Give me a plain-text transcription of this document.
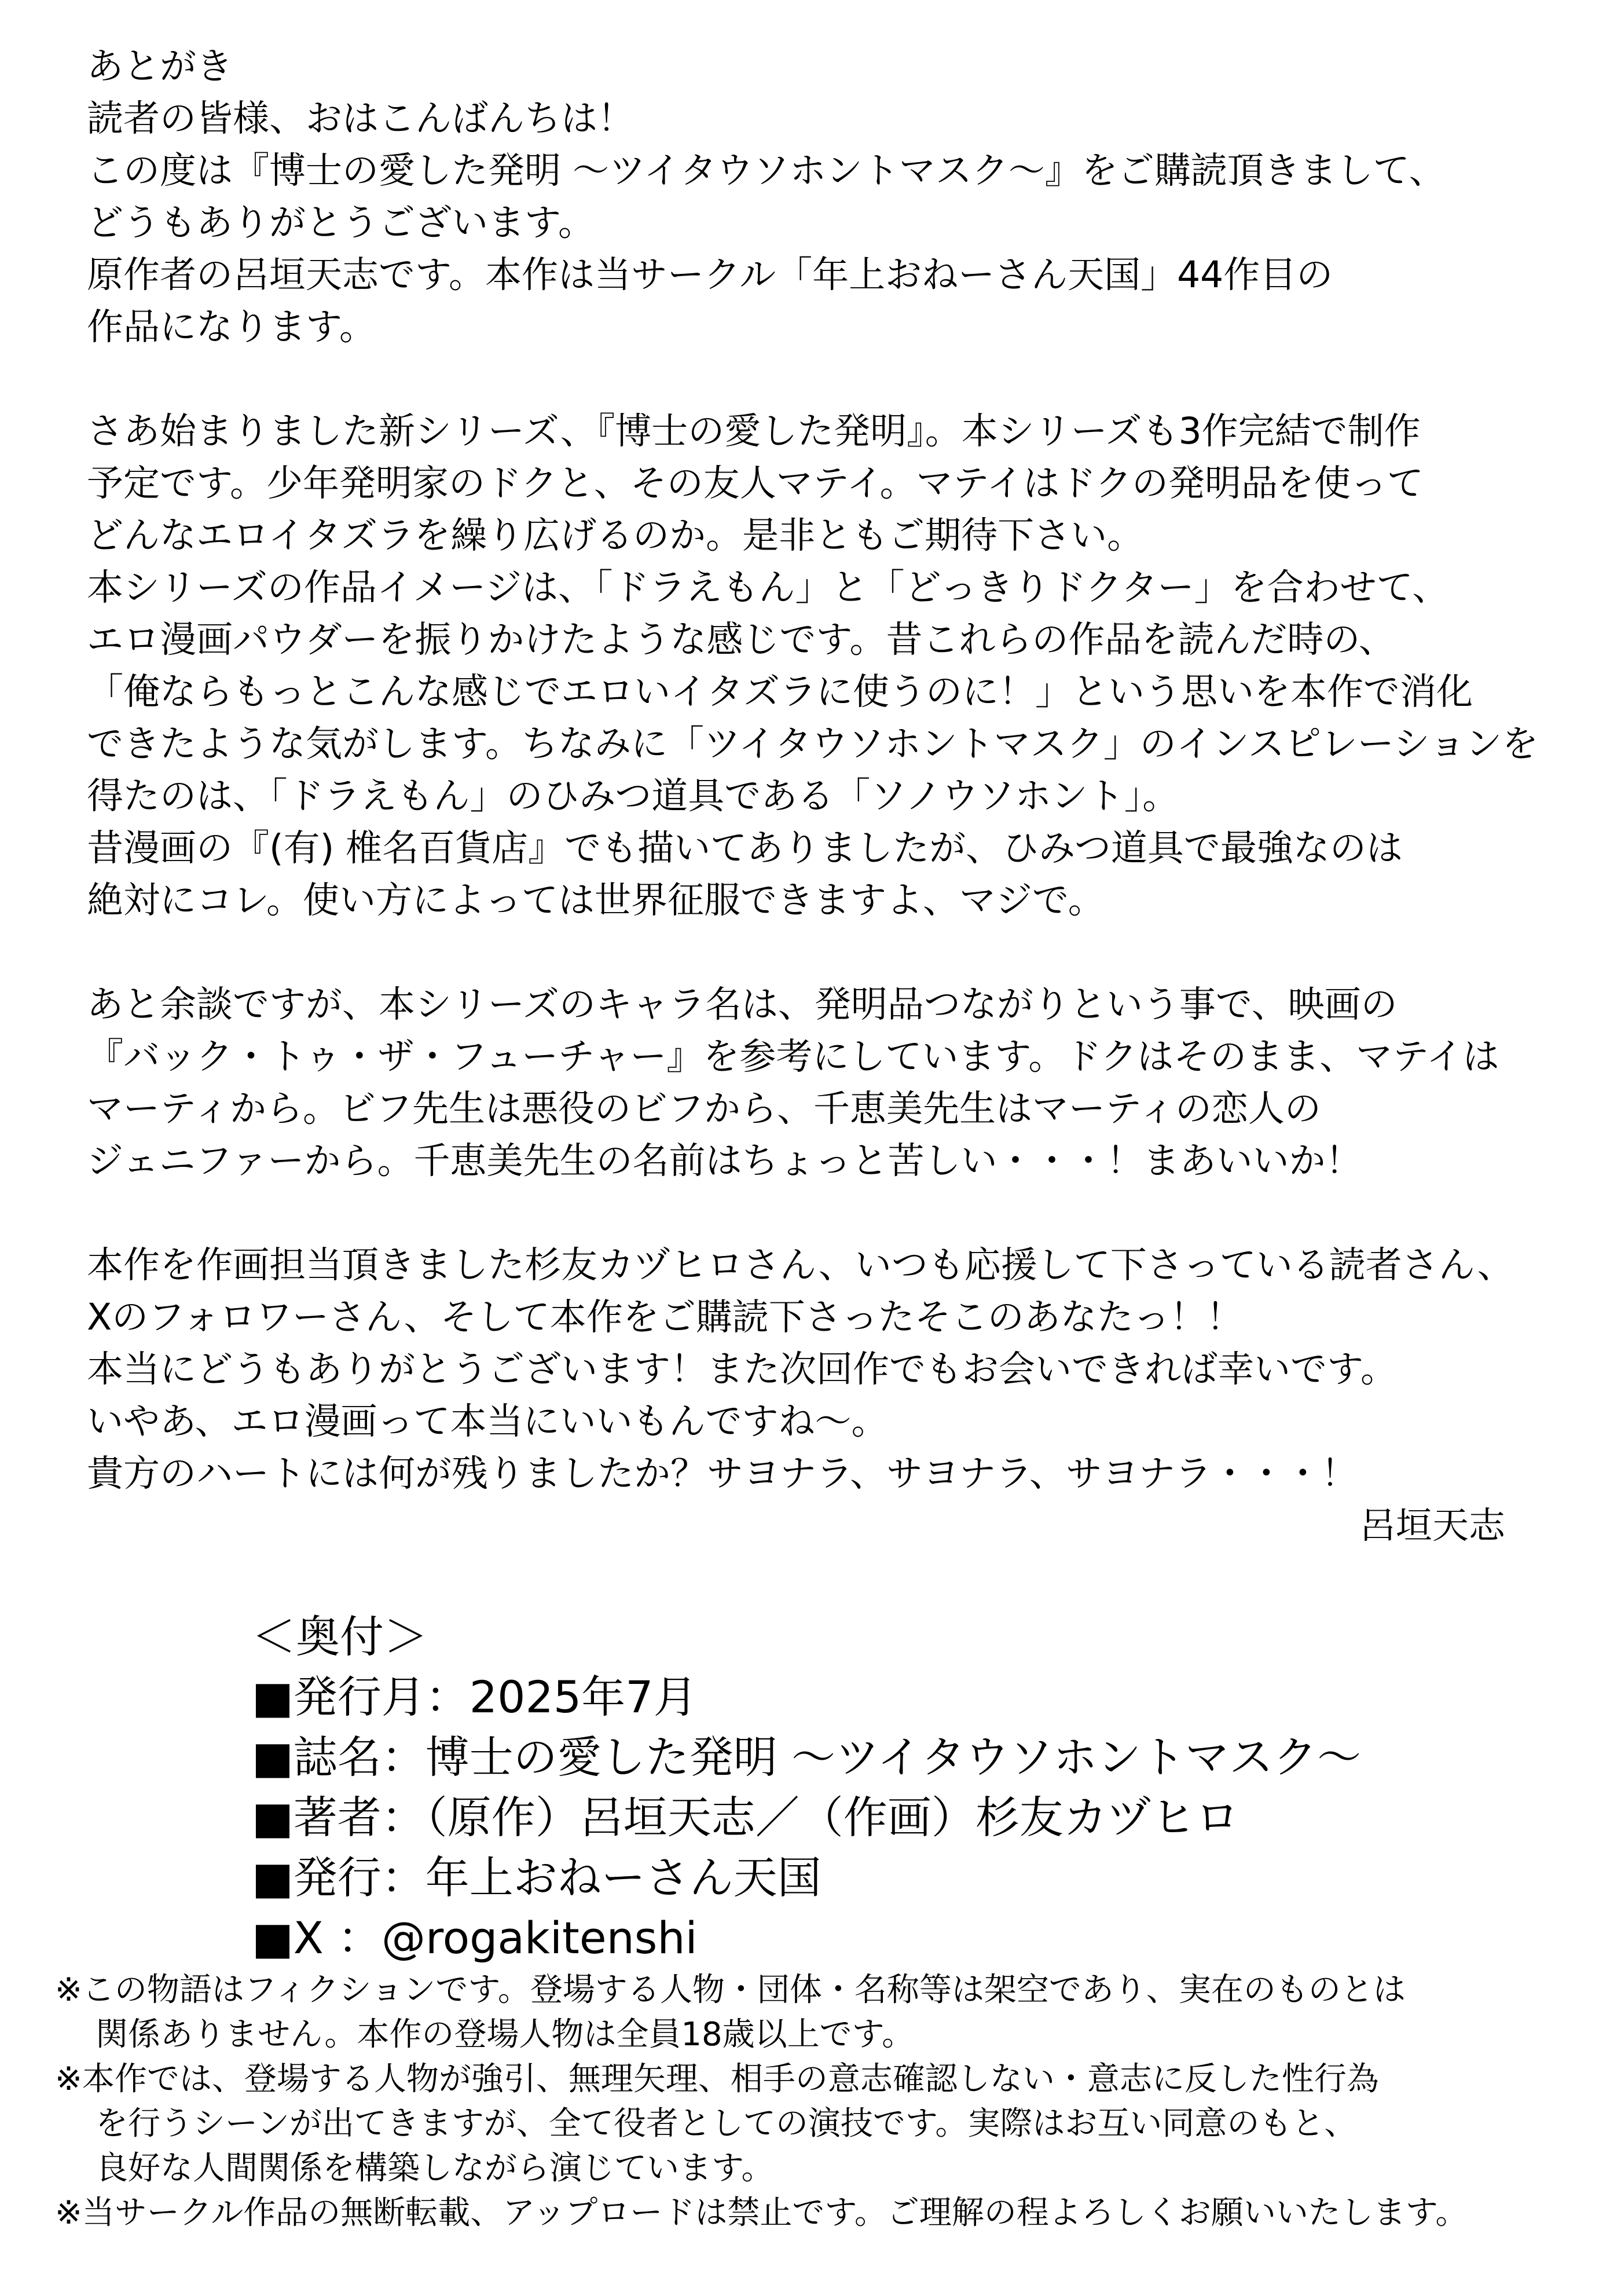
あとがき
読者の皆様、おはこんばんちは！
この度は『博士の愛した発明 〜ツイタウソホントマスク〜』をご購読頂きまして、
どうもありがとうございます。
原作者の呂垣天志です。本作は当サークル「年上おねーさん天国」44作目の
作品になります。
さあ始まりました新シリーズ、『博士の愛した発明』。本シリーズも3作完結で制作
予定です。少年発明家のドクと、その友人マテイ。マテイはドクの発明品を使って
どんなエロイタズラを繰り広げるのか。是非ともご期待下さい。
本シリーズの作品イメージは、「ドラえもん」と「どっきりドクター」を合わせて、
エロ漫画パウダーを振りかけたような感じです。昔これらの作品を読んだ時の、
「俺ならもっとこんな感じでエロいイタズラに使うのに！」という思いを本作で消化
できたような気がします。ちなみに「ツイタウソホントマスク」のインスピレーションを
得たのは、「ドラえもん」のひみつ道具である「ソノウソホント」。
昔漫画の『(有) 椎名百貨店』でも描いてありましたが、ひみつ道具で最強なのは
絶対にコレ。使い方によっては世界征服できますよ、マジで。
あと余談ですが、本シリーズのキャラ名は、発明品つながりという事で、映画の
『バック・トゥ・ザ・フューチャー』を参考にしています。ドクはそのまま、マテイは
マーティから。ビフ先生は悪役のビフから、千恵美先生はマーティの恋人の
ジェニファーから。千恵美先生の名前はちょっと苦しい・・・！まあいいか！
本作を作画担当頂きました杉友カヅヒロさん、いつも応援して下さっている読者さん、
Xのフォロワーさん、そして本作をご購読下さったそこのあなたっ！！
本当にどうもありがとうございます！また次回作でもお会いできれば幸いです。
いやあ、エロ漫画って本当にいいもんですね〜。
貴方のハートには何が残りましたか？サヨナラ、サヨナラ、サヨナラ・・・！
呂垣天志
＜奥付＞
■発行月：2025年7月
■誌名：博士の愛した発明 〜ツイタウソホントマスク〜
■著者：（原作）呂垣天志／（作画）杉友カヅヒロ
■発行：年上おねーさん天国
■X ：@rogakitenshi
※この物語はフィクションです。登場する人物・団体・名称等は架空であり、実在のものとは
関係ありません。本作の登場人物は全員18歳以上です。
※本作では、登場する人物が強引、無理矢理、相手の意志確認しない・意志に反した性行為
を行うシーンが出てきますが、全て役者としての演技です。実際はお互い同意のもと、
良好な人間関係を構築しながら演じています。
※当サークル作品の無断転載、アップロードは禁止です。ご理解の程よろしくお願いいたします。
